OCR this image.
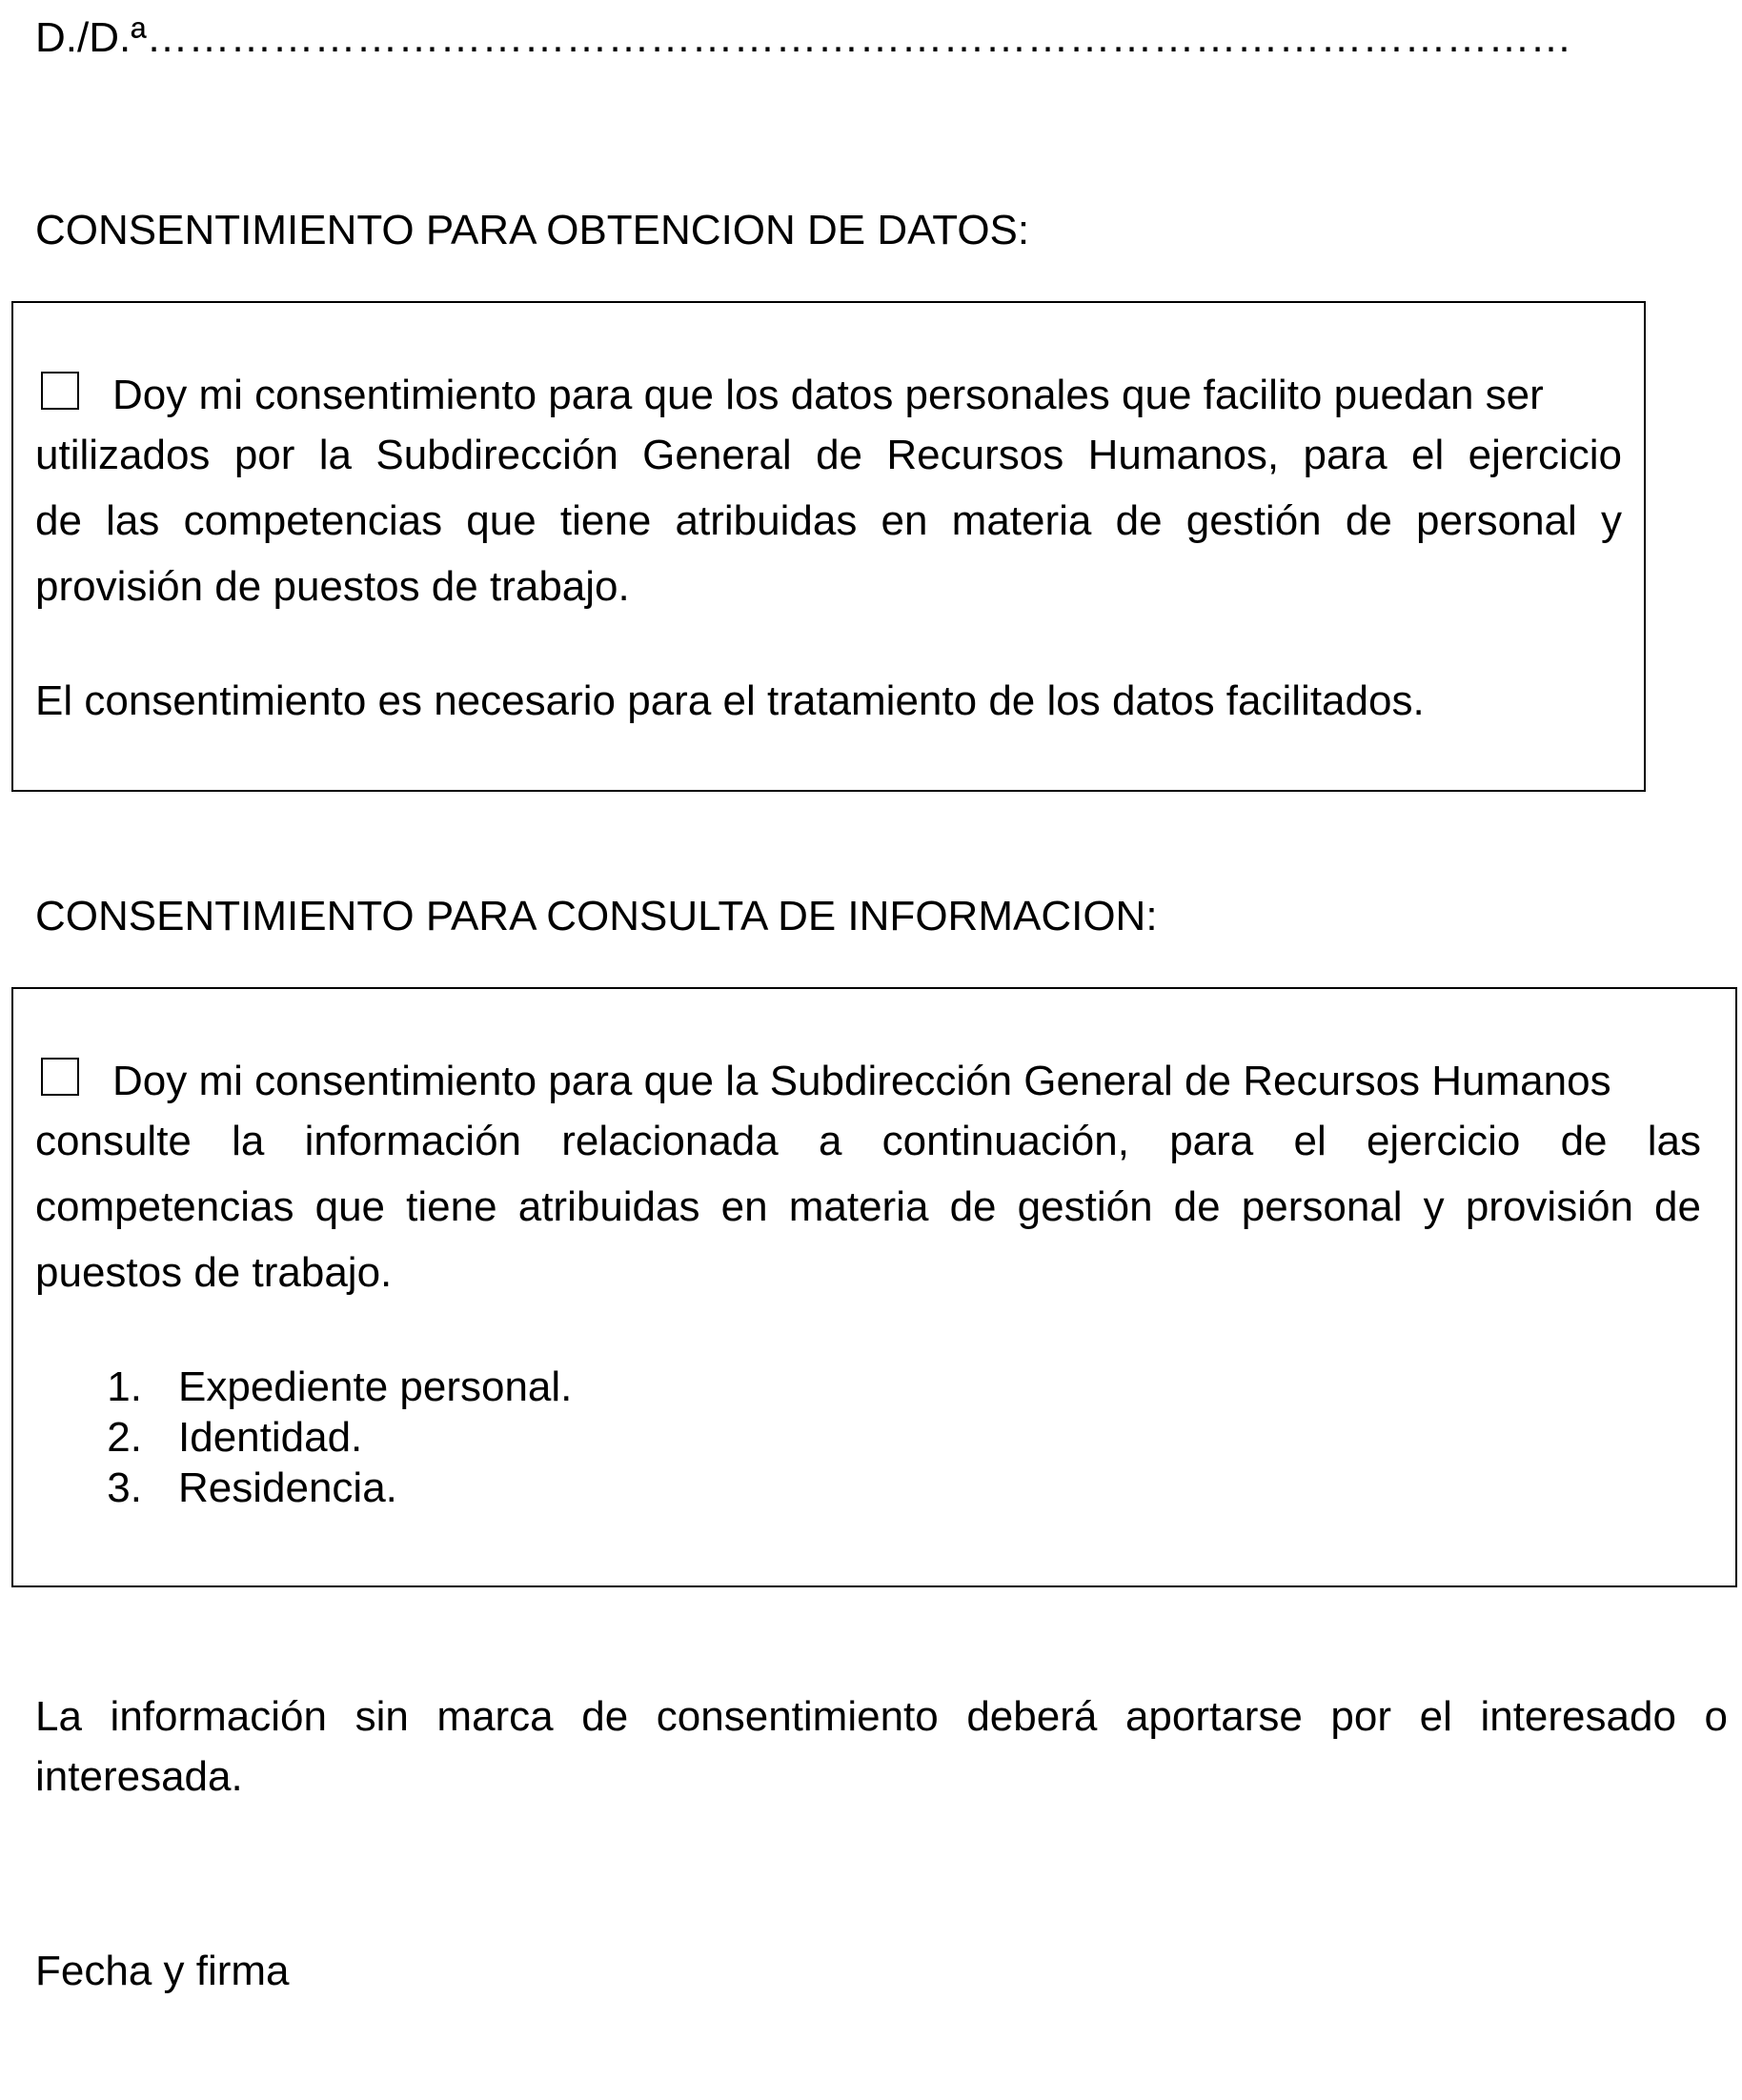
D./D.ª…………………………………………………………………………………………
CONSENTIMIENTO PARA OBTENCION DE DATOS:
Doy mi consentimiento para que los datos personales que facilito puedan ser
utilizados por la Subdirección General de Recursos Humanos, para el ejercicio
de las competencias que tiene atribuidas en materia de gestión de personal y
provisión de puestos de trabajo.
El consentimiento es necesario para el tratamiento de los datos facilitados.
CONSENTIMIENTO PARA CONSULTA DE INFORMACION:
Doy mi consentimiento para que la Subdirección General de Recursos Humanos
consulte la información relacionada a continuación, para el ejercicio de las
competencias que tiene atribuidas en materia de gestión de personal y provisión de
puestos de trabajo.
1. Expediente personal.
2. Identidad.
3. Residencia.
La información sin marca de consentimiento deberá aportarse por el interesado o
interesada.
Fecha y firma
